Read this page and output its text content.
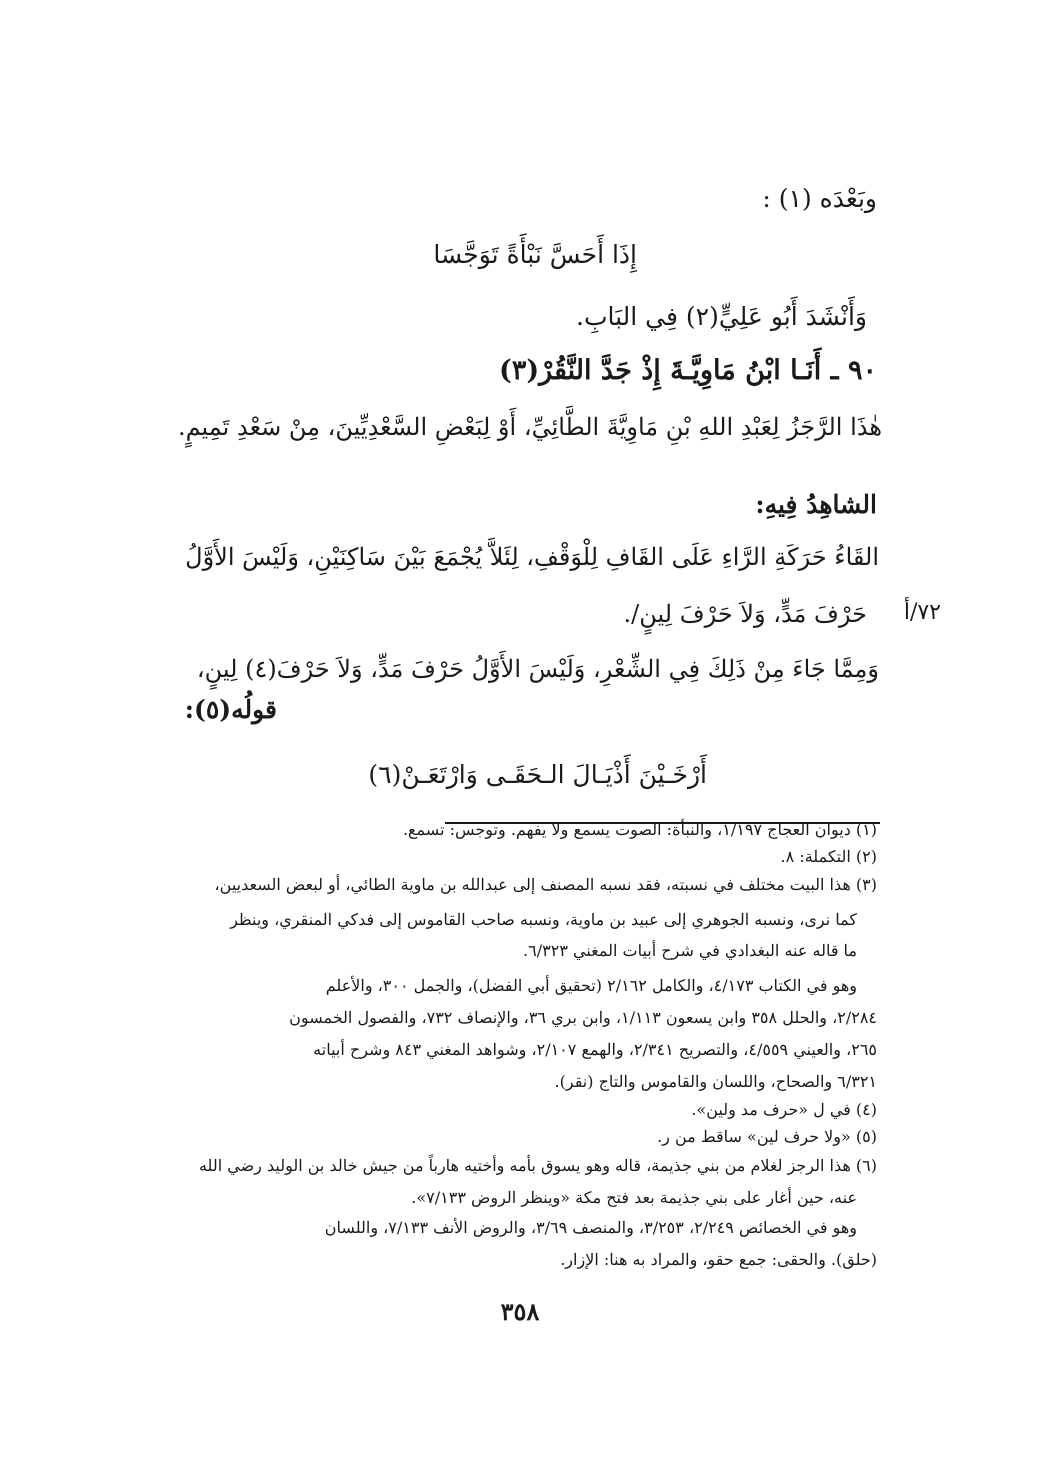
وبَعْدَه (١) :
إِذَا أَحَسَّ نَبْأَةً تَوَجَّسَا
وَأَنْشَدَ أَبُو عَلِيٍّ(٢) فِي البَابِ.
٩٠ ـ أَنَـا ابْنُ مَاوِيَّـةَ إِذْ جَدَّ النَّقُرْ(٣)
هٰذَا الرَّجَزُ لِعَبْدِ اللهِ بْنِ مَاوِيَّةَ الطَّائِيِّ، أَوْ لِبَعْضِ السَّعْدِيِّينَ، مِنْ سَعْدِ تَمِيمٍ.
الشاهِدُ فِيهِ:
القَاءُ حَرَكَةِ الرَّاءِ عَلَى القَافِ لِلْوَقْفِ، لِئَلاَّ يُجْمَعَ بَيْنَ سَاكِنَيْنِ، وَلَيْسَ الأَوَّلُ
حَرْفَ مَدٍّ، وَلاَ حَرْفَ لِينٍ/. ٧٢/أ
وَمِمَّا جَاءَ مِنْ ذَلِكَ فِي الشِّعْرِ، وَلَيْسَ الأَوَّلُ حَرْفَ مَدٍّ، وَلاَ حَرْفَ(٤) لِينٍ،
قولُه(٥):
أَرْخَـيْنَ أَذْيَـالَ الـحَقَـى وَارْتَعَـنْ(٦)
(١) ديوان العجاج ١/١٩٧، والنبأة: الصوت يسمع ولا يفهم. وتوجس: تسمع.
(٢) التكملة: ٨.
(٣) هذا البيت مختلف في نسبته، فقد نسبه المصنف إلى عبدالله بن ماوية الطائي، أو لبعض السعديين،
كما نرى، ونسبه الجوهري إلى عبيد بن ماوية، ونسبه صاحب القاموس إلى فدكي المنقري، وينظر
ما قاله عنه البغدادي في شرح أبيات المغني ٦/٣٢٣.
وهو في الكتاب ٤/١٧٣، والكامل ٢/١٦٢ (تحقيق أبي الفضل)، والجمل ٣٠٠، والأعلم
٢/٢٨٤، والحلل ٣٥٨ وابن يسعون ١/١١٣، وابن بري ٣٦، والإنصاف ٧٣٢، والفصول الخمسون
٢٦٥، والعيني ٤/٥٥٩، والتصريح ٢/٣٤١، والهمع ٢/١٠٧، وشواهد المغني ٨٤٣ وشرح أبياته
٦/٣٢١ والصحاح، واللسان والقاموس والتاج (نقر).
(٤) في ل «حرف مد ولين».
(٥) «ولا حرف لين» ساقط من ر.
(٦) هذا الرجز لغلام من بني جذيمة، قاله وهو يسوق بأمه وأختيه هارباً من جيش خالد بن الوليد رضي الله
عنه، حين أغار على بني جذيمة بعد فتح مكة «وينظر الروض ٧/١٣٣».
وهو في الخصائص ٢/٢٤٩، ٣/٢٥٣، والمنصف ٣/٦٩، والروض الأنف ٧/١٣٣، واللسان
(حلق). والحقى: جمع حقو، والمراد به هنا: الإزار.
٣٥٨
